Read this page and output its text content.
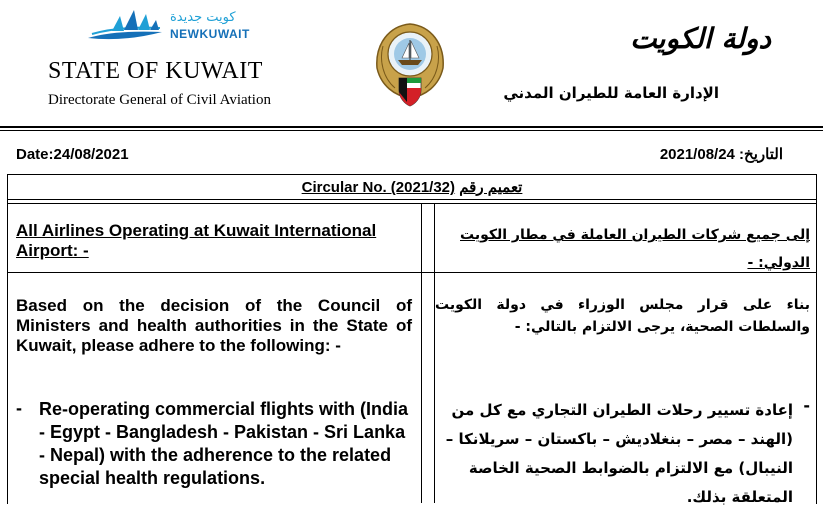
كويت جديدة
NEWKUWAIT
STATE OF KUWAIT
Directorate General of Civil Aviation
دولة الكويت
الإدارة العامة للطيران المدني
Date:24/08/2021	التاريخ: 2021/08/24
Circular No. (2021/32) تعميم رقم
All Airlines Operating at Kuwait International Airport: -
Based on the decision of the Council of Ministers and health authorities in the State of Kuwait, please adhere to the following: -
- Re-operating commercial flights with (India - Egypt - Bangladesh - Pakistan - Sri Lanka - Nepal) with the adherence to the related special health regulations.
إلى جميع شركات الطيران العاملة في مطار الكويت الدولي: -
بناء على قرار مجلس الوزراء في دولة الكويت والسلطات الصحية، يرجى الالتزام بالتالي: -
-
إعادة تسيير رحلات الطيران التجاري مع كل من (الهند – مصر – بنغلاديش – باكستان – سريلانكا – النيبال) مع الالتزام بالضوابط الصحية الخاصة المتعلقة بذلك.
